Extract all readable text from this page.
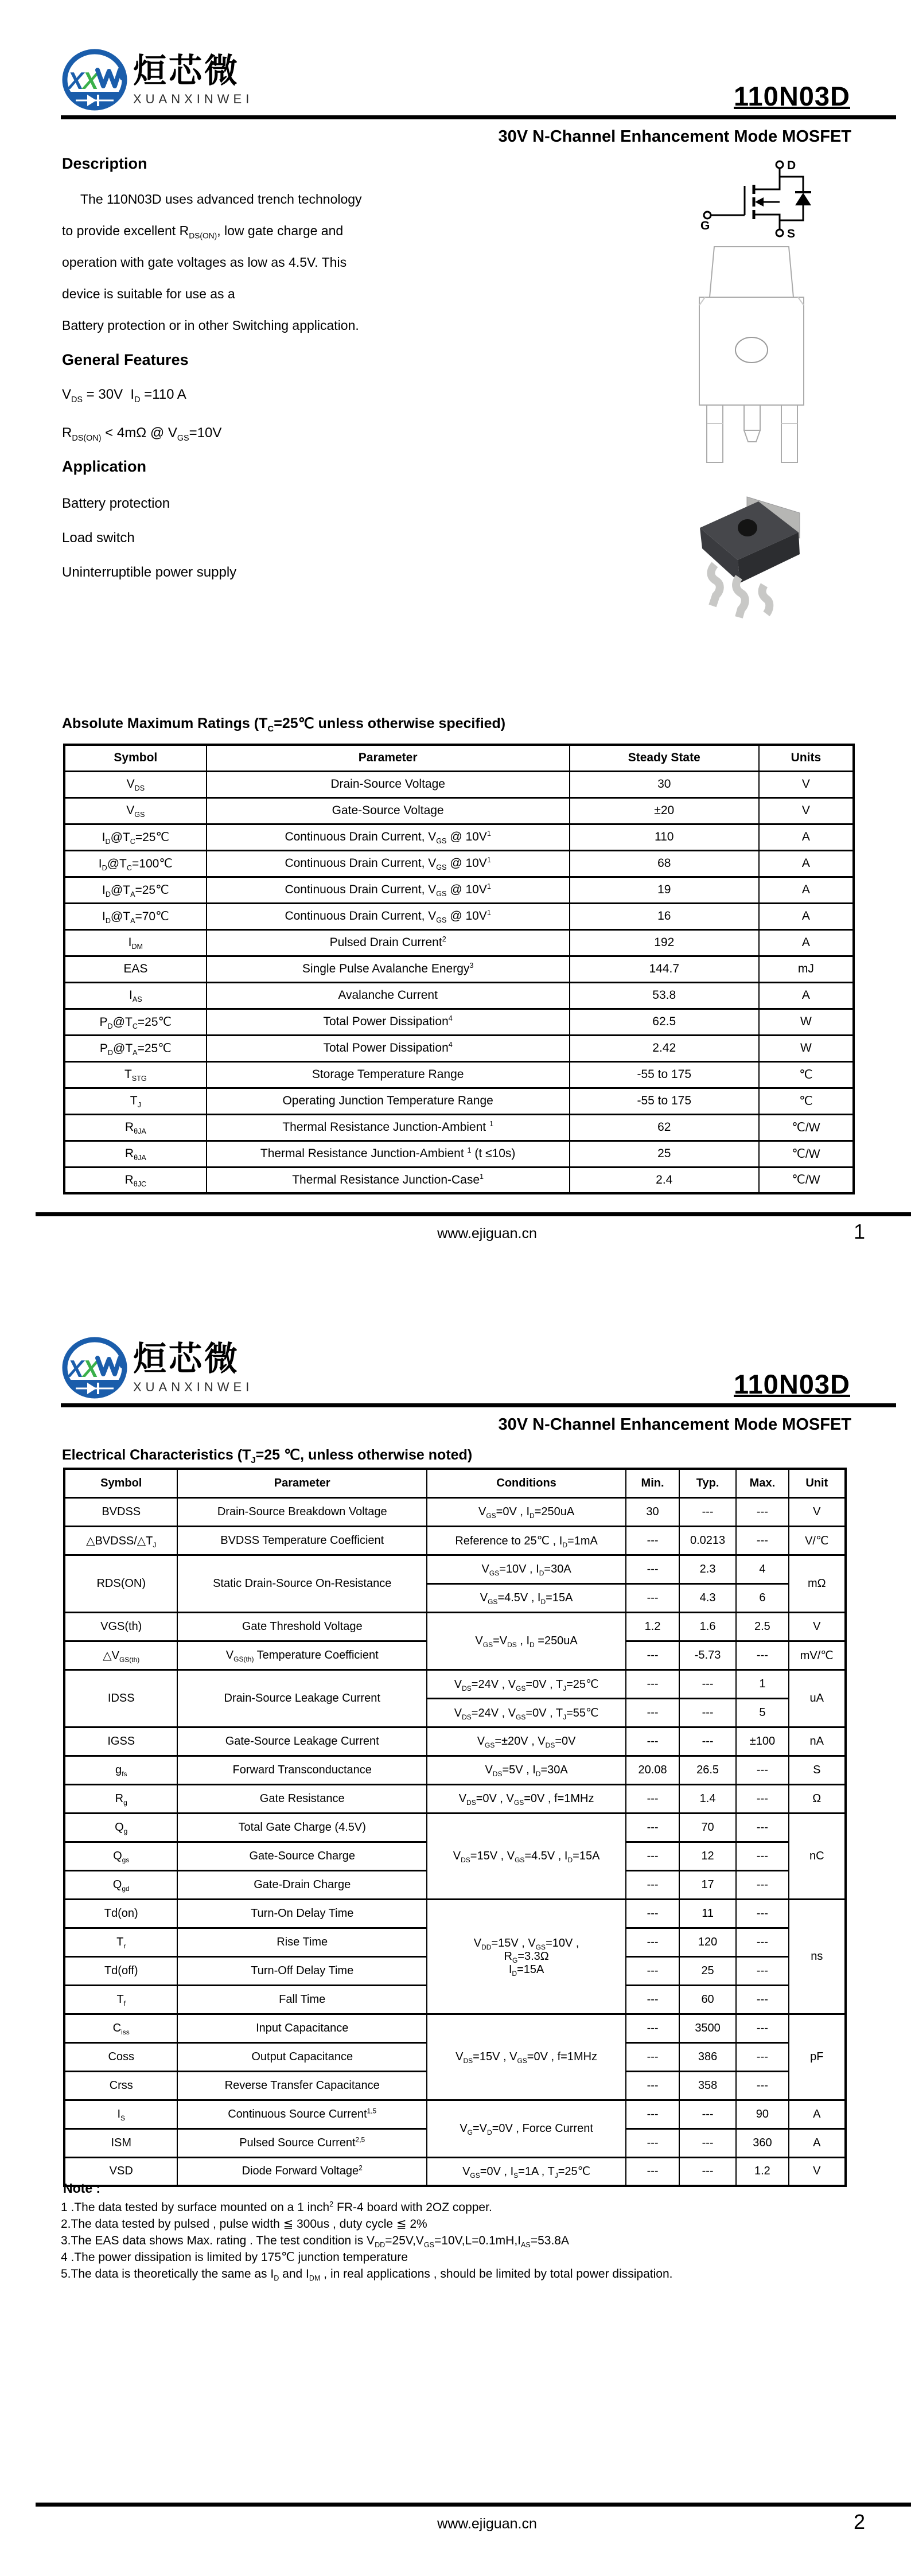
X
X 烜芯微
XUANXINWEI	110N03D
30V N-Channel Enhancement Mode MOSFET
Description
The 110N03D uses advanced trench technology
to provide excellent $R_{DS(ON)}$, low gate charge and
operation with gate voltages as low as 4.5V. This
device is suitable for use as a
Battery protection or in other Switching application.
General Features
$V_{DS} = 30V$  $I_D =110$ A
$R_{DS(ON)} < 4m\Omega$ @ $V_{GS}=10V$
Application
Battery protection
Load switch
Uninterruptible power supply
D
G
S
Absolute Maximum Ratings ($T_C=25℃$ unless otherwise specified)
Symbol	Parameter	Steady State	Units
$V_{DS}$	Drain-Source Voltage	30	V
$V_{GS}$	Gate-Source Voltage	±20	V
$I_D@T_C=25℃$	Continuous Drain Current, $V_{GS}$ @ $10V^1$	110	A
$I_D@T_C=100℃$	Continuous Drain Current, $V_{GS}$ @ $10V^1$	68	A
$I_D@T_A=25℃$	Continuous Drain Current, $V_{GS}$ @ $10V^1$	19	A
$I_D@T_A=70℃$	Continuous Drain Current, $V_{GS}$ @ $10V^1$	16	A
$I_{DM}$	Pulsed Drain Current$^2$	192	A
EAS	Single Pulse Avalanche Energy$^3$	144.7	mJ
$I_{AS}$	Avalanche Current	53.8	A
$P_D@T_C=25℃$	Total Power Dissipation$^4$	62.5	W
$P_D@T_A=25℃$	Total Power Dissipation$^4$	2.42	W
$T_{STG}$	Storage Temperature Range	-55 to 175	℃
$T_J$	Operating Junction Temperature Range	-55 to 175	℃
$R_{\theta JA}$	Thermal Resistance Junction-Ambient $^1$	62	℃/W
$R_{\theta JA}$	Thermal Resistance Junction-Ambient $^1$ (t ≤10s)	25	℃/W
$R_{\theta JC}$	Thermal Resistance Junction-Case$^1$	2.4	℃/W
www.ejiguan.cn	1
X
X 烜芯微
XUANXINWEI	110N03D
30V N-Channel Enhancement Mode MOSFET
Electrical Characteristics ($T_J=25$ ℃, unless otherwise noted)
Symbol	Parameter	Conditions	Min.	Typ.	Max.	Unit
BVDSS	Drain-Source Breakdown Voltage	$V_{GS}=0V$ , $I_D=250uA$	30	---	---	V
$\triangle BVDSS/\triangle T_J$	BVDSS Temperature Coefficient	Reference to 25℃ , $I_D=1mA$	---	0.0213	---	V/℃
RDS(ON)	Static Drain-Source On-Resistance	$V_{GS}=10V$ , $I_D=30A$	---	2.3	4	mΩ
		$V_{GS}=4.5V$ , $I_D=15A$	---	4.3	6	
VGS(th)	Gate Threshold Voltage	$V_{GS}=V_{DS}$ , $I_D =250uA$	1.2	1.6	2.5	V
$\triangle V_{GS(th)}$	$V_{GS(th)}$ Temperature Coefficient		---	-5.73	---	mV/℃
IDSS	Drain-Source Leakage Current	$V_{DS}=24V$ , $V_{GS}=0V$ , $T_J=25℃$	---	---	1	uA
		$V_{DS}=24V$ , $V_{GS}=0V$ , $T_J=55℃$	---	---	5	
IGSS	Gate-Source Leakage Current	$V_{GS}=\pm 20V$ , $V_{DS}=0V$	---	---	±100	nA
$g_{fs}$	Forward Transconductance	$V_{DS}=5V$ , $I_D=30A$	20.08	26.5	---	S
$R_g$	Gate Resistance	$V_{DS}=0V$ , $V_{GS}=0V$ , f=1MHz	---	1.4	---	Ω
$Q_g$	Total Gate Charge (4.5V)	$V_{DS}=15V$ , $V_{GS}=4.5V$ , $I_D=15A$	---	70	---	nC
$Q_{gs}$	Gate-Source Charge		---	12	---	
$Q_{gd}$	Gate-Drain Charge		---	17	---	
Td(on)	Turn-On Delay Time	$V_{DD}=15V$ , $V_{GS}=10V$ ,
$R_G=3.3\Omega$
$I_D=15A$	---	11	---	ns
$T_r$	Rise Time		---	120	---	
Td(off)	Turn-Off Delay Time		---	25	---	
$T_f$	Fall Time		---	60	---	
$C_{iss}$	Input Capacitance	$V_{DS}=15V$ , $V_{GS}=0V$ , f=1MHz	---	3500	---	pF
Coss	Output Capacitance		---	386	---	
Crss	Reverse Transfer Capacitance		---	358	---	
$I_S$	Continuous Source Current$^{1,5}$	$V_G=V_D=0V$ , Force Current	---	---	90	A
ISM	Pulsed Source Current$^{2,5}$		---	---	360	A
VSD	Diode Forward Voltage$^2$	$V_{GS}=0V$ , $I_S=1A$ , $T_J=25℃$	---	---	1.2	V
Note :
1 .The data tested by surface mounted on a 1 inch$^2$ FR-4 board with 2OZ copper.
2.The data tested by pulsed , pulse width ≦ 300us , duty cycle ≦ 2%
3.The EAS data shows Max. rating . The test condition is $V_{DD}=25V,V_{GS}=10V,L=0.1mH,I_{AS}=53.8A$
4 .The power dissipation is limited by 175℃ junction temperature
5.The data is theoretically the same as $I_D$ and $I_{DM}$ , in real applications , should be limited by total power dissipation.
www.ejiguan.cn	2
